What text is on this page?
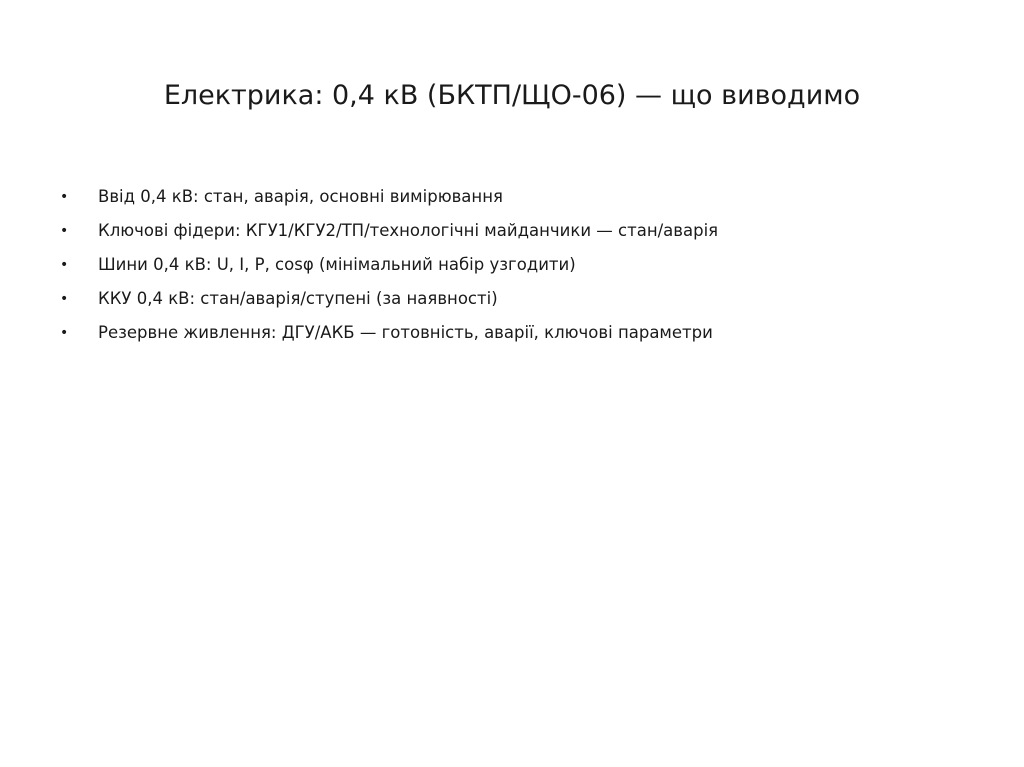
Електрика: 0,4 кВ (БКТП/ЩО-06) — що виводимо
•	Ввід 0,4 кВ: стан, аварія, основні вимірювання
•	Ключові фідери: КГУ1/КГУ2/ТП/технологічні майданчики — стан/аварія
•	Шини 0,4 кВ: U, I, P, cosφ (мінімальний набір узгодити)
•	ККУ 0,4 кВ: стан/аварія/ступені (за наявності)
•	Резервне живлення: ДГУ/АКБ — готовність, аварії, ключові параметри
